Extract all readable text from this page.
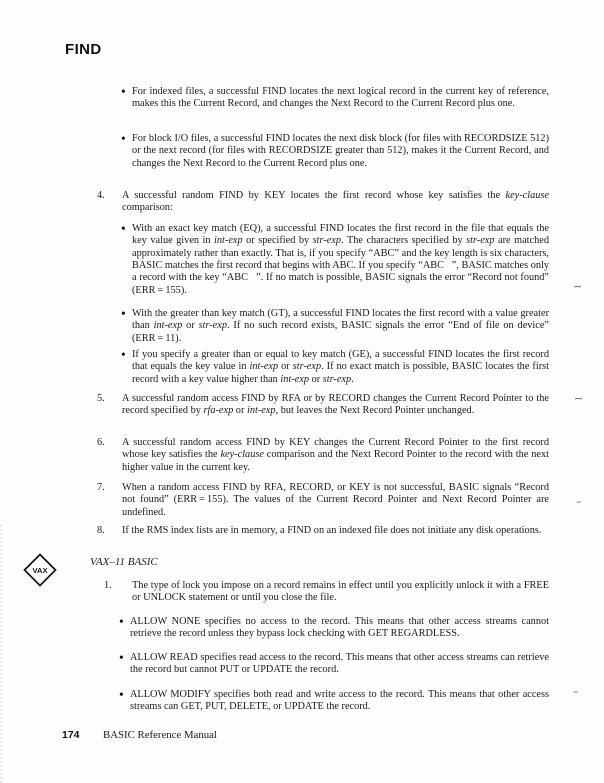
FIND
• For indexed files, a successful FIND locates the next logical record in the current key of reference, makes this the Current Record, and changes the Next Record to the Current Record plus one.
• For block I/O files, a successful FIND locates the next disk block (for files with RECORDSIZE 512) or the next record (for files with RECORDSIZE greater than 512), makes it the Current Record, and changes the Next Record to the Current Record plus one.
4.	A successful random FIND by KEY locates the first record whose key satisfies the key-clause comparison:
• With an exact key match (EQ), a successful FIND locates the first record in the file that equals the key value given in int-exp or specified by str-exp. The characters specified by str-exp are matched approximately rather than exactly. That is, if you specify “ABC” and the key length is six characters, BASIC matches the first record that begins with ABC. If you specify “ABC   ”, BASIC matches only a record with the key “ABC   ”. If no match is possible, BASIC signals the error “Record not found” (ERR = 155).
• With the greater than key match (GT), a successful FIND locates the first record with a value greater than int-exp or str-exp. If no such record exists, BASIC signals the error “End of file on device” (ERR = 11).
• If you specify a greater than or equal to key match (GE), a successful FIND locates the first record that equals the key value in int-exp or str-exp. If no exact match is possible, BASIC locates the first record with a key value higher than int-exp or str-exp.
5.	A successful random access FIND by RFA or by RECORD changes the Current Record Pointer to the record specified by rfa-exp or int-exp, but leaves the Next Record Pointer unchanged.
6.	A successful random access FIND by KEY changes the Current Record Pointer to the first record whose key satisfies the key-clause comparison and the Next Record Pointer to the record with the next higher value in the current key.
7.	When a random access FIND by RFA, RECORD, or KEY is not successful, BASIC signals “Record not found” (ERR = 155). The values of the Current Record Pointer and Next Record Pointer are undefined.
8.	If the RMS index lists are in memory, a FIND on an indexed file does not initiate any disk operations.
1.	The type of lock you impose on a record remains in effect until you explicitly unlock it with a FREE or UNLOCK statement or until you close the file.
• ALLOW NONE specifies no access to the record. This means that other access streams cannot retrieve the record unless they bypass lock checking with GET REGARDLESS.
• ALLOW READ specifies read access to the record. This means that other access streams can retrieve the record but cannot PUT or UPDATE the record.
• ALLOW MODIFY specifies both read and write access to the record. This means that other access streams can GET, PUT, DELETE, or UPDATE the record.
VAX
VAX–11 BASIC
∼
∼
–
–
174 BASIC Reference Manual
